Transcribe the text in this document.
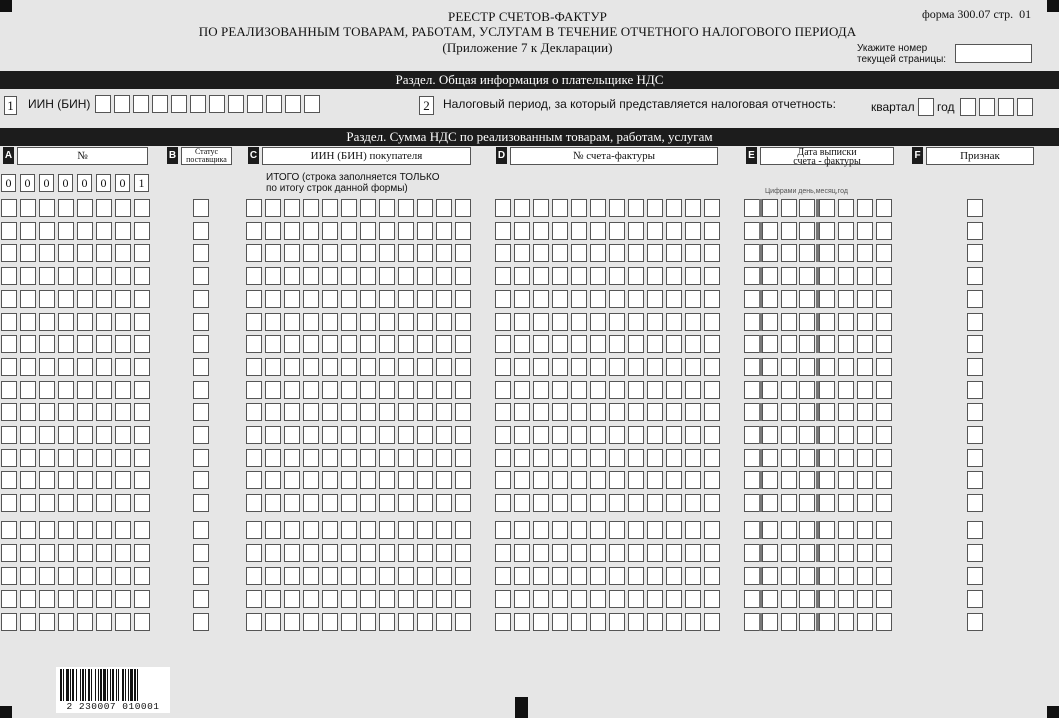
РЕЕСТР СЧЕТОВ-ФАКТУР
ПО РЕАЛИЗОВАННЫМ ТОВАРАМ, РАБОТАМ, УСЛУГАМ В ТЕЧЕНИЕ ОТЧЕТНОГО НАЛОГОВОГО ПЕРИОДА
(Приложение 7 к Декларации)
форма 300.07 стр. 01
Укажите номер
текущей страницы:
Раздел. Общая информация о плательщике НДС
1 ИИН (БИН)	2	Налоговый период, за который представляется налоговая отчетность:	квартал год
Раздел. Сумма НДС по реализованным товарам, работам, услугам
A	№	B	Статус
поставщика	C	ИИН (БИН) покупателя	D	№ счета-фактуры	E	Дата выписки
счета - фактуры
F	Признак
0	0	0	0	0	0	0	1	ИТОГО (строка заполняется ТОЛЬКО
по итогу строк данной формы)	Цифрами день,месяц,год
2 230007 010001
